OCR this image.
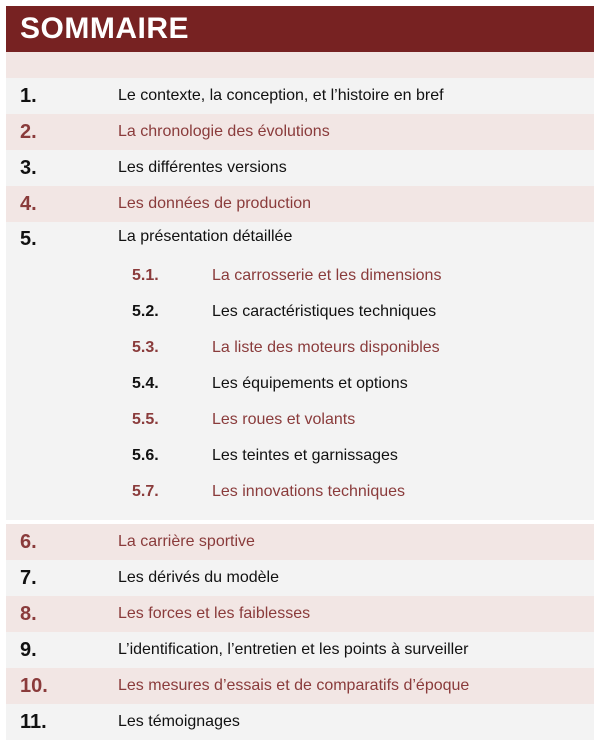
SOMMAIRE
1.	Le contexte, la conception, et l’histoire en bref
2.	La chronologie des évolutions
3.	Les différentes versions
4.	Les données de production
5.	La présentation détaillée
5.1.	La carrosserie et les dimensions
5.2.	Les caractéristiques techniques
5.3.	La liste des moteurs disponibles
5.4.	Les équipements et options
5.5.	Les roues et volants
5.6.	Les teintes et garnissages
5.7.	Les innovations techniques
6.	La carrière sportive
7.	Les dérivés du modèle
8.	Les forces et les faiblesses
9.	L’identification, l’entretien et les points à surveiller
10.	Les mesures d’essais et de comparatifs d’époque
11.	Les témoignages
